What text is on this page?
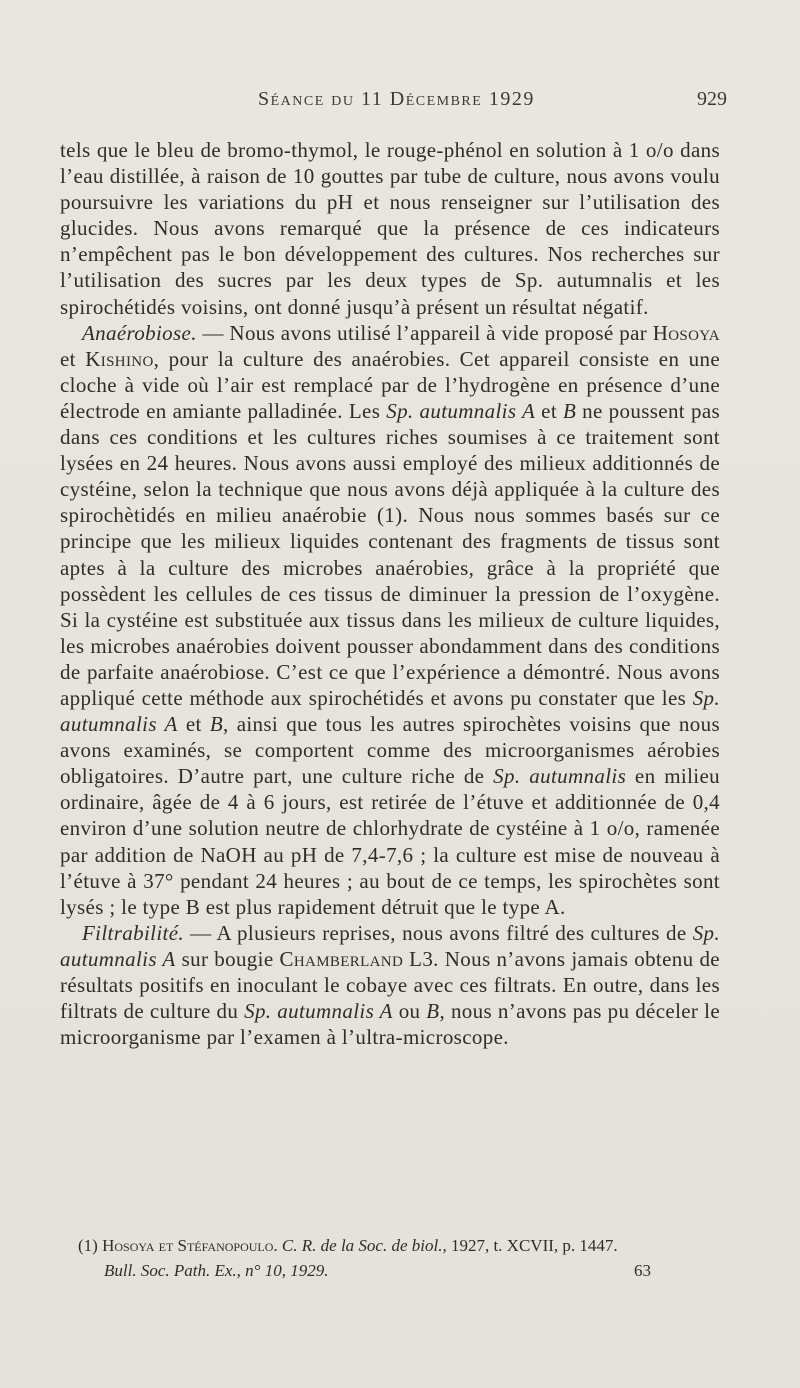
Séance du 11 Décembre 1929	929

tels que le bleu de bromo-thymol, le rouge-phénol en solution à 1 o/o dans l’eau distillée, à raison de 10 gouttes par tube de culture, nous avons voulu poursuivre les variations du pH et nous renseigner sur l’utilisation des glucides. Nous avons remarqué que la présence de ces indicateurs n’empêchent pas le bon développement des cultures. Nos recherches sur l’utilisation des sucres par les deux types de Sp. autumnalis et les spirochétidés voisins, ont donné jusqu’à présent un résultat négatif.

Anaérobiose. — Nous avons utilisé l’appareil à vide proposé par Hosoya et Kishino, pour la culture des anaérobies. Cet appareil consiste en une cloche à vide où l’air est remplacé par de l’hydrogène en présence d’une électrode en amiante palladinée. Les Sp. autumnalis A et B ne poussent pas dans ces conditions et les cultures riches soumises à ce traitement sont lysées en 24 heures. Nous avons aussi employé des milieux additionnés de cystéine, selon la technique que nous avons déjà appliquée à la culture des spirochètidés en milieu anaérobie (1). Nous nous sommes basés sur ce principe que les milieux liquides contenant des fragments de tissus sont aptes à la culture des microbes anaérobies, grâce à la propriété que possèdent les cellules de ces tissus de diminuer la pression de l’oxygène. Si la cystéine est substituée aux tissus dans les milieux de culture liquides, les microbes anaérobies doivent pousser abondamment dans des conditions de parfaite anaérobiose. C’est ce que l’expérience a démontré. Nous avons appliqué cette méthode aux spirochétidés et avons pu constater que les Sp. autumnalis A et B, ainsi que tous les autres spirochètes voisins que nous avons examinés, se comportent comme des microorganismes aérobies obligatoires. D’autre part, une culture riche de Sp. autumnalis en milieu ordinaire, âgée de 4 à 6 jours, est retirée de l’étuve et additionnée de 0,4 environ d’une solution neutre de chlorhydrate de cystéine à 1 o/o, ramenée par addition de NaOH au pH de 7,4-7,6 ; la culture est mise de nouveau à l’étuve à 37° pendant 24 heures ; au bout de ce temps, les spirochètes sont lysés ; le type B est plus rapidement détruit que le type A.

Filtrabilité. — A plusieurs reprises, nous avons filtré des cultures de Sp. autumnalis A sur bougie Chamberland L3. Nous n’avons jamais obtenu de résultats positifs en inoculant le cobaye avec ces filtrats. En outre, dans les filtrats de culture du Sp. autumnalis A ou B, nous n’avons pas pu déceler le microorganisme par l’examen à l’ultra-microscope.

(1) Hosoya et Stéfanopoulo. C. R. de la Soc. de biol., 1927, t. XCVII, p. 1447.

Bull. Soc. Path. Ex., n° 10, 1929.	63
